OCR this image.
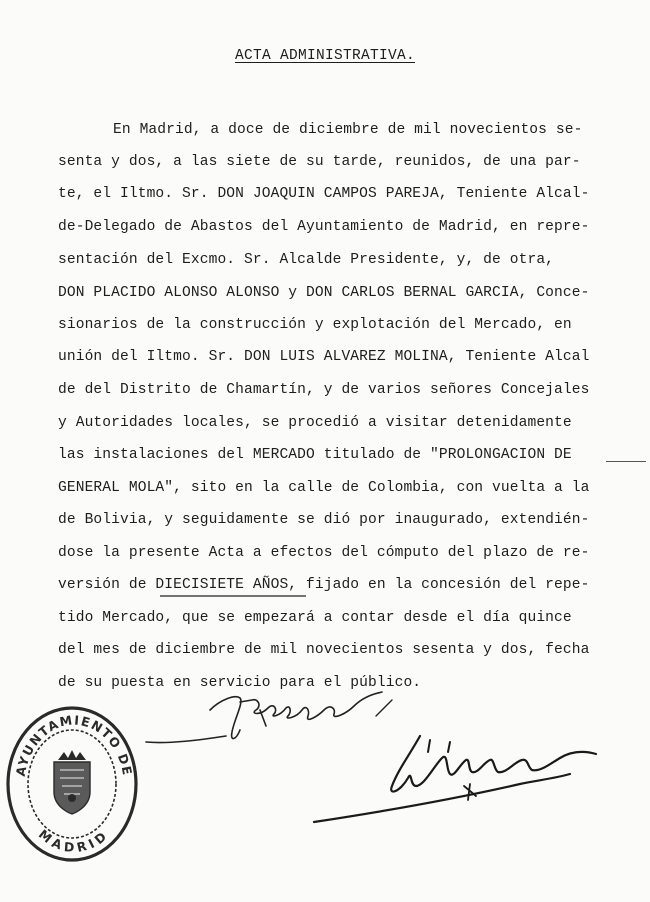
ACTA ADMINISTRATIVA.
En Madrid, a doce de diciembre de mil novecientos se-
senta y dos, a las siete de su tarde, reunidos, de una par-
te, el Iltmo. Sr. DON JOAQUIN CAMPOS PAREJA, Teniente Alcal-
de-Delegado de Abastos del Ayuntamiento de Madrid, en repre-
sentación del Excmo. Sr. Alcalde Presidente, y, de otra,
DON PLACIDO ALONSO ALONSO y DON CARLOS BERNAL GARCIA, Conce-
sionarios de la construcción y explotación del Mercado, en
unión del Iltmo. Sr. DON LUIS ALVAREZ MOLINA, Teniente Alcal
de del Distrito de Chamartín, y de varios señores Concejales
y Autoridades locales, se procedió a visitar detenidamente
las instalaciones del MERCADO titulado de "PROLONGACION DE
GENERAL MOLA", sito en la calle de Colombia, con vuelta a la
de Bolivia, y seguidamente se dió por inaugurado, extendién-
dose la presente Acta a efectos del cómputo del plazo de re-
versión de DIECISIETE AÑOS, fijado en la concesión del repe-
tido Mercado, que se empezará a contar desde el día quince
del mes de diciembre de mil novecientos sesenta y dos, fecha
de su puesta en servicio para el público.
AYUNTAMIENTO DE
MADRID
